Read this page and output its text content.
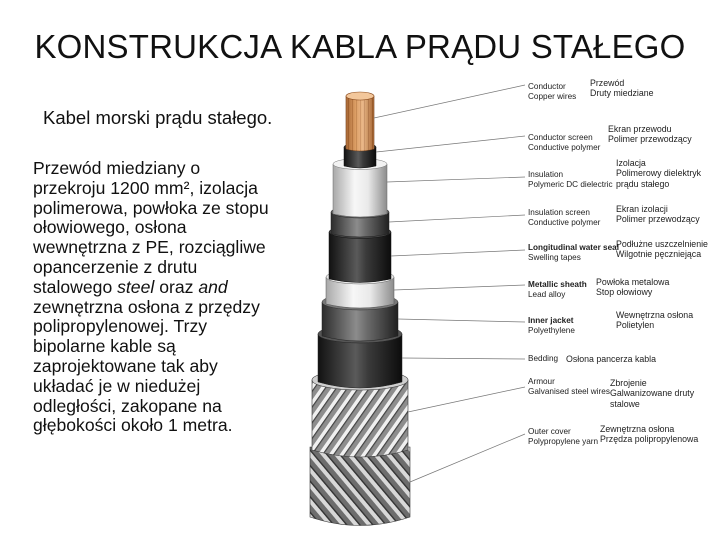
KONSTRUKCJA KABLA PRĄDU STAŁEGO
Kabel morski prądu stałego.
Przewód miedziany o
przekroju 1200 mm², izolacja
polimerowa, powłoka ze stopu
ołowiowego, osłona
wewnętrzna z PE, rozciągliwe
opancerzenie z drutu
stalowego steel oraz and
zewnętrzna osłona z przędzy
polipropylenowej. Trzy
bipolarne kable są
zaprojektowane tak aby
układać je w niedużej
odległości, zakopane na
głębokości około 1 metra.
Conductor
Copper wires
Conductor screen
Conductive polymer
Insulation
Polymeric DC dielectric
Insulation screen
Conductive polymer
Longitudinal water seal
Swelling tapes
Metallic sheath
Lead alloy
Inner jacket
Polyethylene
Bedding
Armour
Galvanised steel wires
Outer cover
Polypropylene yarn
Przewód
Druty miedziane
Ekran przewodu
Polimer przewodzący
Izolacja
Polimerowy dielektryk
prądu stałego
Ekran izolacji
Polimer przewodzący
Podłużne uszczelnienie
Wilgotnie pęczniejąca
Powłoka metalowa
Stop ołowiowy
Wewnętrzna osłona
Polietylen
Osłona pancerza kabla
Zbrojenie
Galwanizowane druty
stalowe
Zewnętrzna osłona
Przędza polipropylenowa
